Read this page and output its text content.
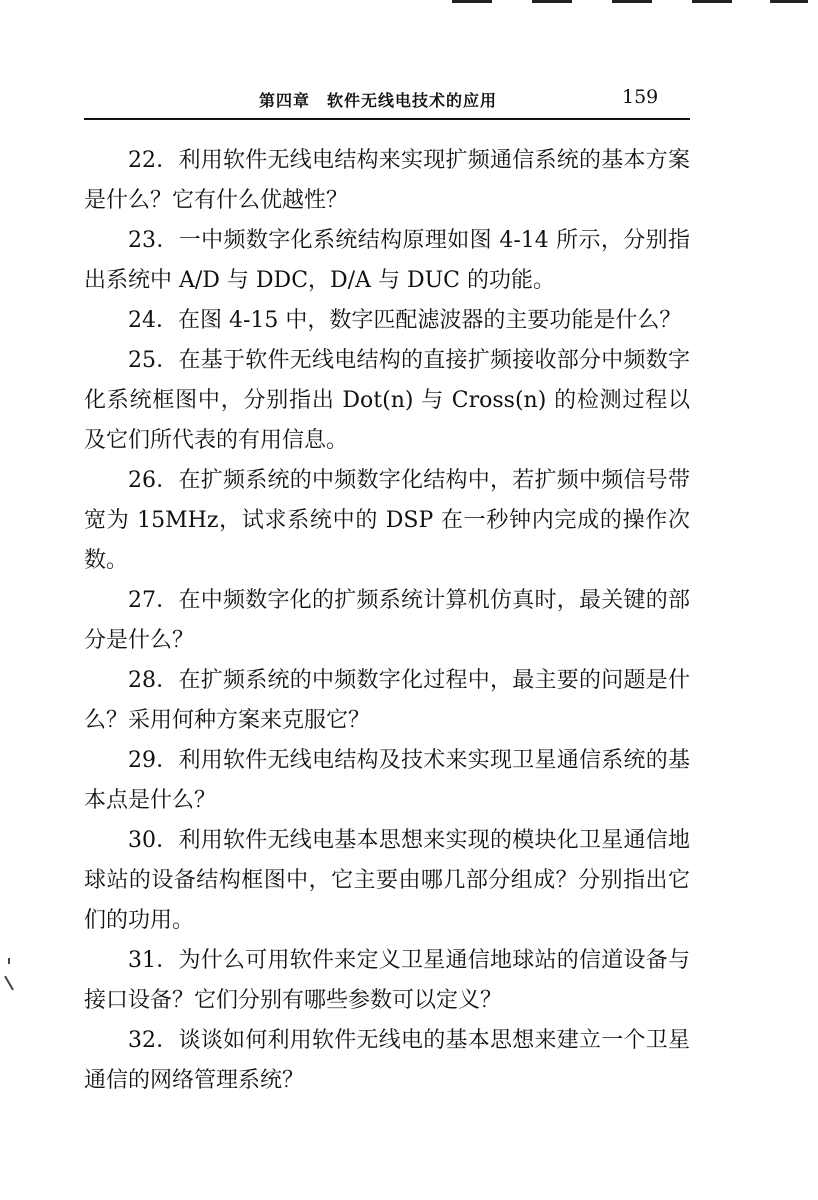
第四章　软件无线电技术的应用	159

22．利用软件无线电结构来实现扩频通信系统的基本方案是什么？它有什么优越性？

23．一中频数字化系统结构原理如图 4-14 所示，分别指出系统中 A/D 与 DDC，D/A 与 DUC 的功能。

24．在图 4-15 中，数字匹配滤波器的主要功能是什么？

25．在基于软件无线电结构的直接扩频接收部分中频数字化系统框图中，分别指出 Dot(n) 与 Cross(n) 的检测过程以及它们所代表的有用信息。

26．在扩频系统的中频数字化结构中，若扩频中频信号带宽为 15MHz，试求系统中的 DSP 在一秒钟内完成的操作次数。

27．在中频数字化的扩频系统计算机仿真时，最关键的部分是什么？

28．在扩频系统的中频数字化过程中，最主要的问题是什么？采用何种方案来克服它？

29．利用软件无线电结构及技术来实现卫星通信系统的基本点是什么？

30．利用软件无线电基本思想来实现的模块化卫星通信地球站的设备结构框图中，它主要由哪几部分组成？分别指出它们的功用。

31．为什么可用软件来定义卫星通信地球站的信道设备与接口设备？它们分别有哪些参数可以定义？

32．谈谈如何利用软件无线电的基本思想来建立一个卫星通信的网络管理系统？
